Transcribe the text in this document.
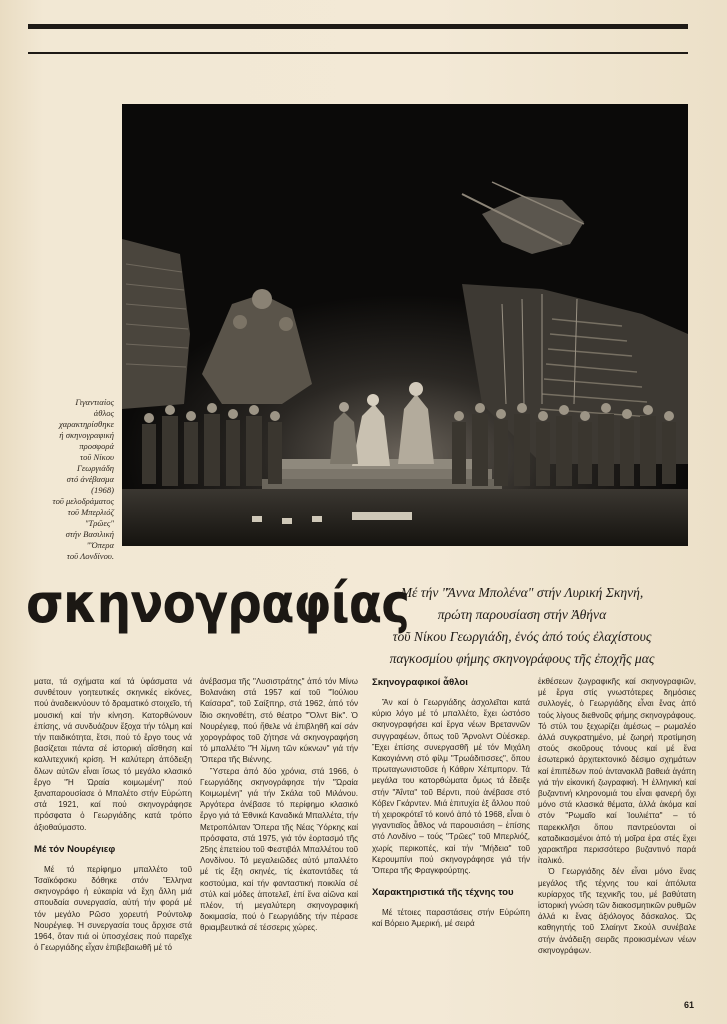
Γιγαντιαίος
άθλος
χαρακτηρίσθηκε
ή σκηνογραφική
προσφορά
τοῦ Νίκου
Γεωργιάδη
στό ἀνέβασμα
(1968)
τοῦ μελοδράματος
τοῦ Μπερλιόζ
"Τρῶες"
στήν Βασιλική
"Ὄπερα
τοῦ Λονδίνου.
σκηνογραφίας
Μέ τήν "Ἄννα Μπολένα" στήν Λυρική Σκηνή,
πρώτη παρουσίαση στήν Ἀθήνα
τοῦ Νίκου Γεωργιάδη, ἑνός ἀπό τούς ἐλαχίστους
παγκοσμίου φήμης σκηνογράφους τῆς ἐποχῆς μας

ματα, τά σχήματα καί τά ὑφάσματα νά συνθέτουν γοητευτικές σκηνικές εἰκόνες, πού ἀναδεικνύουν τό δραματικό στοιχεῖο, τή μουσική καί τήν κίνηση. Κατορθώνουν ἐπίσης, νά συνδυάζουν ἔξοχα τήν τόλμη καί τήν παιδικότητα, ἔτσι, πού τό ἔργο τους νά βασίζεται πάντα σέ ἱστορική αἴσθηση καί καλλιτεχνική κρίση. Ἡ καλύτερη ἀπόδειξη ὅλων αὐτῶν εἶναι ἴσως τό μεγάλο κλασικό ἔργο "Ἡ Ὡραία κοιμωμένη" πού ξαναπαρουσίασε ὁ Μπαλέτο στήν Εὐρώπη στά 1921, καί πού σκηνογράφησε πρόσφατα ὁ Γεωργιάδης κατά τρόπο ἀξιοθαύμαστο.

Μέ τόν Νουρέγιεφ

Μέ τό περίφημο μπαλλέτο τοῦ Τσαϊκόφσκυ δόθηκε στόν Ἕλληνα σκηνογράφο ἡ εὐκαιρία νά ἔχη ἄλλη μιά σπουδαία συνεργασία, αὐτή τήν φορά μέ τόν μεγάλο Ρῶσο χορευτή Ρούντολφ Νουρέγιεφ. Ἡ συνεργασία τους ἄρχισε στά 1964, ὅταν πιά οἱ ὑποσχέσεις πού παρεῖχε ὁ Γεωργιάδης εἶχαν ἐπιβεβαιωθῆ μέ τό

ἀνέβασμα τῆς "Λυσιστράτης" ἀπό τόν Μίνω Βολανάκη στά 1957 καί τοῦ "Ἰούλιου Καίσαρα", τοῦ Σαίξπηρ, στά 1962, ἀπό τόν ἴδιο σκηνοθέτη, στό θέατρο "Ὄλντ Βίκ". Ὁ Νουρέγιεφ, πού ἤθελε νά ἐπιβληθῆ καί σάν χορογράφος τοῦ ζήτησε νά σκηνογραφήση τό μπαλλέτο "Ἡ λίμνη τῶν κύκνων" γιά τήν Ὄπερα τῆς Βιέννης.

Ὕστερα ἀπό δύο χρόνια, στά 1966, ὁ Γεωργιάδης σκηνογράφησε τήν "Ὡραία Κοιμωμένη" γιά τήν Σκάλα τοῦ Μιλάνου. Ἀργότερα ἀνέβασε τό περίφημο κλασικό ἔργο γιά τά Ἐθνικά Καναδικά Μπαλλέτα, τήν Μετροπόλιταν Ὄπερα τῆς Νέας Ὑόρκης καί πρόσφατα, στά 1975, γιά τόν ἑορτασμό τῆς 25ης ἐπετείου τοῦ Φεστιβάλ Μπαλλέτου τοῦ Λονδίνου. Τό μεγαλειῶδες αὐτό μπαλλέτο μέ τίς ἕξη σκηνές, τίς ἑκατοντάδες τά κοστούμια, καί τήν φανταστική ποικιλία σέ στύλ καί μόδες ἀποτελεῖ, ἐπί ἕνα αἰῶνα καί πλέον, τή μεγαλύτερη σκηνογραφική δοκιμασία, πού ὁ Γεωργιάδης τήν πέρασε θριαμβευτικά σέ τέσσερις χώρες.

Σκηνογραφικοί ἆθλοι

Ἄν καί ὁ Γεωργιάδης ἀσχολεῖται κατά κύριο λόγο μέ τό μπαλλέτο, ἔχει ὡστόσο σκηνογραφήσει καί ἔργα νέων Βρεταννῶν συγγραφέων, ὅπως τοῦ Ἄρνολντ Οὐέσκερ. Ἔχει ἐπίσης συνεργασθῆ μέ τόν Μιχάλη Κακογιάννη στό φίλμ "Τρωάδιτισσες", ὅπου πρωταγωνιστοῦσε ἡ Κάθριν Χέπμπορν. Τά μεγάλα του κατορθώματα ὅμως τά ἔδειξε στήν "Ἀΐντα" τοῦ Βέρντι, πού ἀνέβασε στό Κόβεν Γκάρντεν. Μιά ἐπιτυχία ἐξ ἄλλου πού τή χειροκρότεῖ τό κοινό ἀπό τό 1968, εἶναι ὁ γιγαντιαῖος ἆθλος νά παρουσιάση – ἐπίσης στό Λονδίνο – τούς "Τρῶες" τοῦ Μπερλιόζ, χωρίς περικοπές, καί τήν "Μήδεια" τοῦ Κερουμπίνι πού σκηνογράφησε γιά τήν Ὄπερα τῆς Φραγκφούρτης.

Χαρακτηριστικά τῆς τέχνης του

Μέ τέτοιες παραστάσεις στήν Εὐρώπη καί Βόρειο Ἀμερική, μέ σειρά

ἐκθέσεων ζωγραφικῆς καί σκηνογραφιῶν, μέ ἔργα στίς γνωστότερες δημόσιες συλλογές, ὁ Γεωργιάδης εἶναι ἕνας ἀπό τούς λίγους διεθνοῦς φήμης σκηνογράφους. Τό στύλ του ξεχωρίζει ἀμέσως – ρωμαλέο ἀλλά συγκρατημένο, μέ ζωηρή προτίμηση στούς σκοῦρους τόνους καί μέ ἕνα ἐσωτερικό ἀρχιτεκτονικό δέσιμο σχημάτων καί ἐπιπέδων πού ἀντανακλᾶ βαθειά ἀγάπη γιά τήν εἰκονική ζωγραφική. Ἡ ἑλληνική καί βυζαντινή κληρονομιά του εἶναι φανερή ὄχι μόνο στά κλασικά θέματα, ἀλλά ἀκόμα καί στόν "Ρωμαῖο καί Ἰουλιέττα" – τό παρεκκλῆσι ὅπου παντρεύονται οἱ καταδικασμένοι ἀπό τή μοῖρα ἐρα στές ἔχει χαρακτῆρα περισσότερο βυζαντινό παρά ἰταλικό.

Ὁ Γεωργιάδης δέν εἶναι μόνο ἕνας μεγάλος τῆς τέχνης του καί ἀπόλυτα κυρίαρχος τῆς τεχνικῆς του, μέ βαθύτατη ἱστορική γνώση τῶν διακοσμητικῶν ρυθμῶν ἀλλά κι ἕνας ἀξιόλογος δάσκαλος. Ὡς καθηγητής τοῦ Σλαίηντ Σκούλ συνέβαλε στήν ἀνάδειξη σειρᾶς προικισμένων νέων σκηνογράφων.

61
